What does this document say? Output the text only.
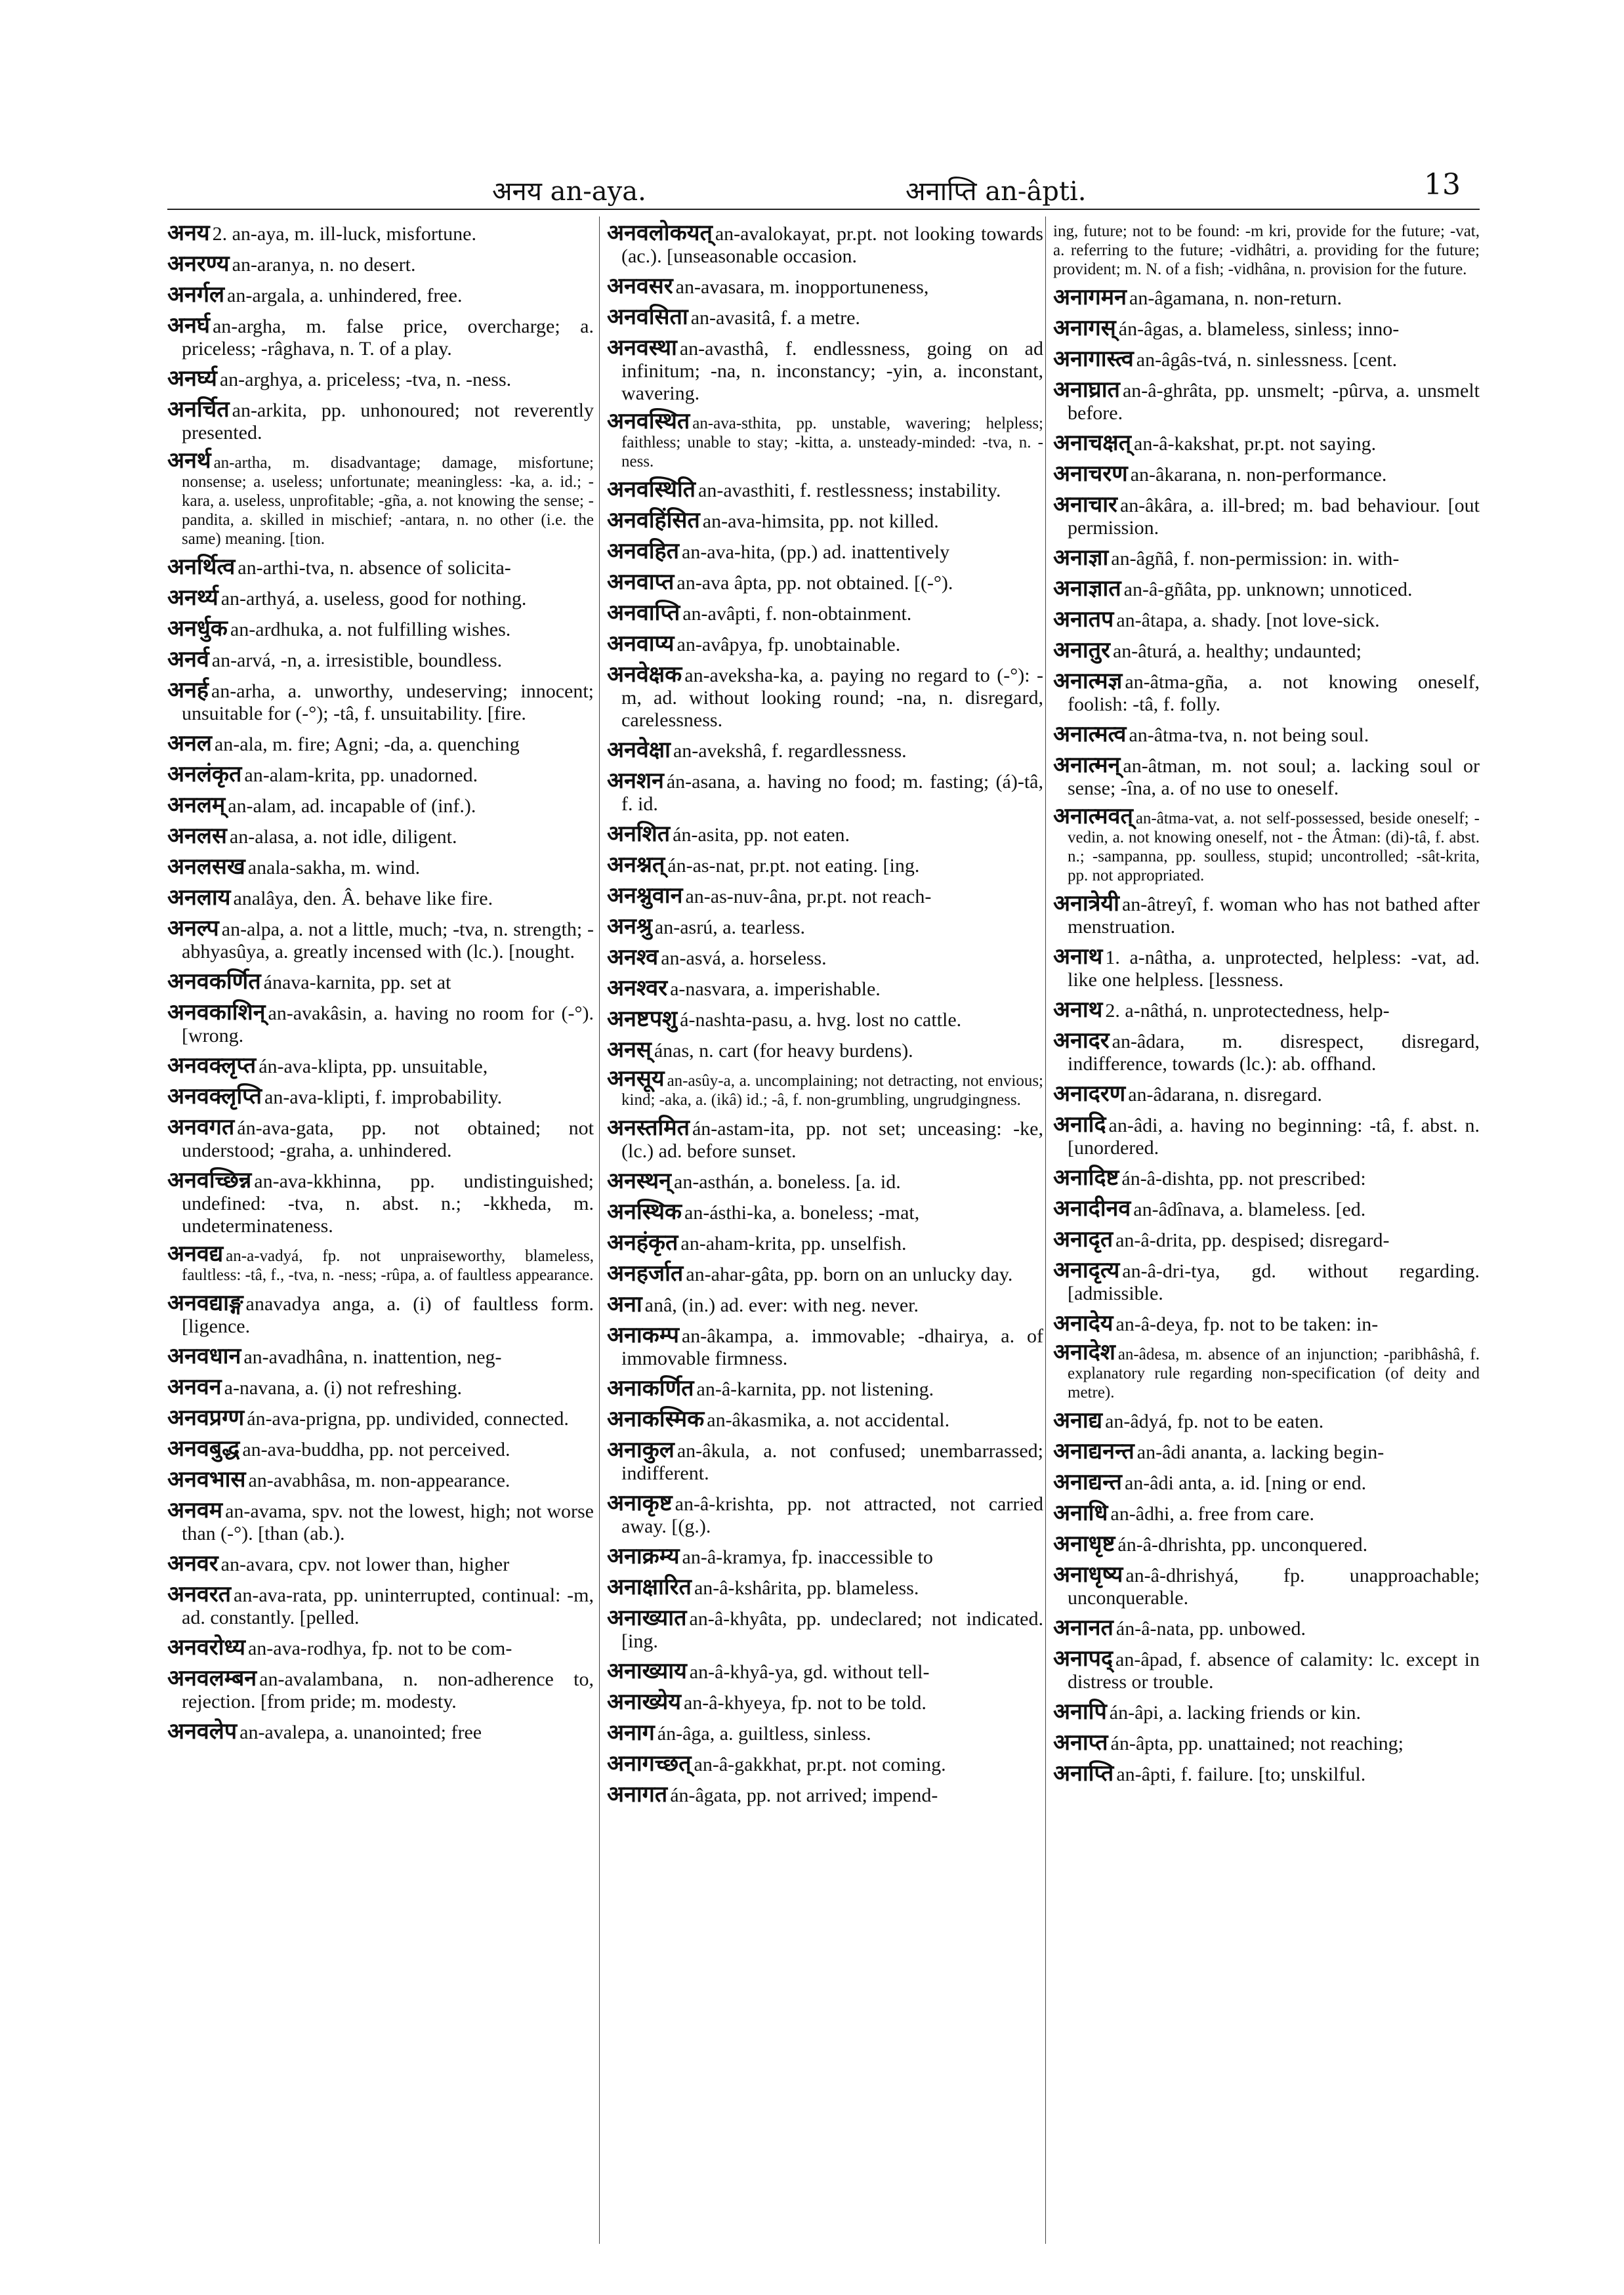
अनय an-aya.	अनाप्ति an-âpti.	13
अनय 2. an-aya, m. ill-luck, misfortune.
अनरण्य an-aranya, n. no desert.
अनर्गल an-argala, a. unhindered, free.
अनर्घ an-argha, m. false price, overcharge; a. priceless; -râghava, n. T. of a play.
अनर्घ्य an-arghya, a. priceless; -tva, n. -ness.
अनर्चित an-arkita, pp. unhonoured; not reverently presented.
अनर्थ an-artha, m. disadvantage; damage, misfortune; nonsense; a. useless; unfortunate; meaningless: -ka, a. id.; -kara, a. useless, unprofitable; -gña, a. not knowing the sense; -pandita, a. skilled in mischief; -antara, n. no other (i.e. the same) meaning. [tion.
अनर्थित्व an-arthi-tva, n. absence of solicita-
अनर्थ्य an-arthyá, a. useless, good for nothing.
अनर्धुक an-ardhuka, a. not fulfilling wishes.
अनर्व an-arvá, -n, a. irresistible, boundless.
अनर्ह an-arha, a. unworthy, undeserving; innocent; unsuitable for (-°); -tâ, f. unsuitability. [fire.
अनल an-ala, m. fire; Agni; -da, a. quenching
अनलंकृत an-alam-krita, pp. unadorned.
अनलम् an-alam, ad. incapable of (inf.).
अनलस an-alasa, a. not idle, diligent.
अनलसख anala-sakha, m. wind.
अनलाय analâya, den. Â. behave like fire.
अनल्प an-alpa, a. not a little, much; -tva, n. strength; -abhyasûya, a. greatly incensed with (lc.). [nought.
अनवकर्णित ánava-karnita, pp. set at
अनवकाशिन् an-avakâsin, a. having no room for (-°). [wrong.
अनवक्लृप्त án-ava-klipta, pp. unsuitable,
अनवक्लृप्ति an-ava-klipti, f. improbability.
अनवगत án-ava-gata, pp. not obtained; not understood; -graha, a. unhindered.
अनवच्छिन्न an-ava-kkhinna, pp. undistinguished; undefined: -tva, n. abst. n.; -kkheda, m. undeterminateness.
अनवद्य an-a-vadyá, fp. not unpraiseworthy, blameless, faultless: -tâ, f., -tva, n. -ness; -rûpa, a. of faultless appearance.
अनवद्याङ्ग anavadya anga, a. (i) of faultless form. [ligence.
अनवधान an-avadhâna, n. inattention, neg-
अनवन a-navana, a. (i) not refreshing.
अनवप्रग्ण án-ava-prigna, pp. undivided, connected.
अनवबुद्ध an-ava-buddha, pp. not perceived.
अनवभास an-avabhâsa, m. non-appearance.
अनवम an-avama, spv. not the lowest, high; not worse than (-°). [than (ab.).
अनवर an-avara, cpv. not lower than, higher
अनवरत an-ava-rata, pp. uninterrupted, continual: -m, ad. constantly. [pelled.
अनवरोध्य an-ava-rodhya, fp. not to be com-
अनवलम्बन an-avalambana, n. non-adherence to, rejection. [from pride; m. modesty.
अनवलेप an-avalepa, a. unanointed; free
अनवलोकयत् an-avalokayat, pr.pt. not looking towards (ac.). [unseasonable occasion.
अनवसर an-avasara, m. inopportuneness,
अनवसिता an-avasitâ, f. a metre.
अनवस्था an-avasthâ, f. endlessness, going on ad infinitum; -na, n. inconstancy; -yin, a. inconstant, wavering.
अनवस्थित an-ava-sthita, pp. unstable, wavering; helpless; faithless; unable to stay; -kitta, a. unsteady-minded: -tva, n. -ness.
अनवस्थिति an-avasthiti, f. restlessness; instability.
अनवहिंसित an-ava-himsita, pp. not killed.
अनवहित an-ava-hita, (pp.) ad. inattentively
अनवाप्त an-ava âpta, pp. not obtained. [(-°).
अनवाप्ति an-avâpti, f. non-obtainment.
अनवाप्य an-avâpya, fp. unobtainable.
अनवेक्षक an-aveksha-ka, a. paying no regard to (-°): -m, ad. without looking round; -na, n. disregard, carelessness.
अनवेक्षा an-avekshâ, f. regardlessness.
अनशन án-asana, a. having no food; m. fasting; (á)-tâ, f. id.
अनशित án-asita, pp. not eaten.
अनश्नत् án-as-nat, pr.pt. not eating. [ing.
अनश्नुवान an-as-nuv-âna, pr.pt. not reach-
अनश्रु an-asrú, a. tearless.
अनश्व an-asvá, a. horseless.
अनश्वर a-nasvara, a. imperishable.
अनष्टपशु á-nashta-pasu, a. hvg. lost no cattle.
अनस् ánas, n. cart (for heavy burdens).
अनसूय an-asûy-a, a. uncomplaining; not detracting, not envious; kind; -aka, a. (ikâ) id.; -â, f. non-grumbling, ungrudgingness.
अनस्तमित án-astam-ita, pp. not set; unceasing: -ke, (lc.) ad. before sunset.
अनस्थन् an-asthán, a. boneless. [a. id.
अनस्थिक an-ásthi-ka, a. boneless; -mat,
अनहंकृत an-aham-krita, pp. unselfish.
अनहर्जात an-ahar-gâta, pp. born on an unlucky day.
अना anâ, (in.) ad. ever: with neg. never.
अनाकम्प an-âkampa, a. immovable; -dhairya, a. of immovable firmness.
अनाकर्णित an-â-karnita, pp. not listening.
अनाकस्मिक an-âkasmika, a. not accidental.
अनाकुल an-âkula, a. not confused; unembarrassed; indifferent.
अनाकृष्ट an-â-krishta, pp. not attracted, not carried away. [(g.).
अनाक्रम्य an-â-kramya, fp. inaccessible to
अनाक्षारित an-â-kshârita, pp. blameless.
अनाख्यात an-â-khyâta, pp. undeclared; not indicated. [ing.
अनाख्याय an-â-khyâ-ya, gd. without tell-
अनाख्येय an-â-khyeya, fp. not to be told.
अनाग án-âga, a. guiltless, sinless.
अनागच्छत् an-â-gakkhat, pr.pt. not coming.
अनागत án-âgata, pp. not arrived; impend-
ing, future; not to be found: -m kri, provide for the future; -vat, a. referring to the future; -vidhâtri, a. providing for the future; provident; m. N. of a fish; -vidhâna, n. provision for the future.
अनागमन an-âgamana, n. non-return.
अनागस् án-âgas, a. blameless, sinless; inno-
अनागास्त्व an-âgâs-tvá, n. sinlessness. [cent.
अनाघ्रात an-â-ghrâta, pp. unsmelt; -pûrva, a. unsmelt before.
अनाचक्षत् an-â-kakshat, pr.pt. not saying.
अनाचरण an-âkarana, n. non-performance.
अनाचार an-âkâra, a. ill-bred; m. bad behaviour. [out permission.
अनाज्ञा an-âgñâ, f. non-permission: in. with-
अनाज्ञात an-â-gñâta, pp. unknown; unnoticed.
अनातप an-âtapa, a. shady. [not love-sick.
अनातुर an-âturá, a. healthy; undaunted;
अनात्मज्ञ an-âtma-gña, a. not knowing oneself, foolish: -tâ, f. folly.
अनात्मत्व an-âtma-tva, n. not being soul.
अनात्मन् an-âtman, m. not soul; a. lacking soul or sense; -îna, a. of no use to oneself.
अनात्मवत् an-âtma-vat, a. not self-possessed, beside oneself; -vedin, a. not knowing oneself, not - the Âtman: (di)-tâ, f. abst. n.; -sampanna, pp. soulless, stupid; uncontrolled; -sât-krita, pp. not appropriated.
अनात्रेयी an-âtreyî, f. woman who has not bathed after menstruation.
अनाथ 1. a-nâtha, a. unprotected, helpless: -vat, ad. like one helpless. [lessness.
अनाथ 2. a-nâthá, n. unprotectedness, help-
अनादर an-âdara, m. disrespect, disregard, indifference, towards (lc.): ab. offhand.
अनादरण an-âdarana, n. disregard.
अनादि an-âdi, a. having no beginning: -tâ, f. abst. n. [unordered.
अनादिष्ट án-â-dishta, pp. not prescribed:
अनादीनव an-âdînava, a. blameless. [ed.
अनादृत an-â-drita, pp. despised; disregard-
अनादृत्य an-â-dri-tya, gd. without regarding. [admissible.
अनादेय an-â-deya, fp. not to be taken: in-
अनादेश an-âdesa, m. absence of an injunction; -paribhâshâ, f. explanatory rule regarding non-specification (of deity and metre).
अनाद्य an-âdyá, fp. not to be eaten.
अनाद्यनन्त an-âdi ananta, a. lacking begin-
अनाद्यन्त an-âdi anta, a. id. [ning or end.
अनाधि an-âdhi, a. free from care.
अनाधृष्ट án-â-dhrishta, pp. unconquered.
अनाधृष्य an-â-dhrishyá, fp. unapproachable; unconquerable.
अनानत án-â-nata, pp. unbowed.
अनापद् an-âpad, f. absence of calamity: lc. except in distress or trouble.
अनापि án-âpi, a. lacking friends or kin.
अनाप्त án-âpta, pp. unattained; not reaching;
अनाप्ति an-âpti, f. failure. [to; unskilful.
